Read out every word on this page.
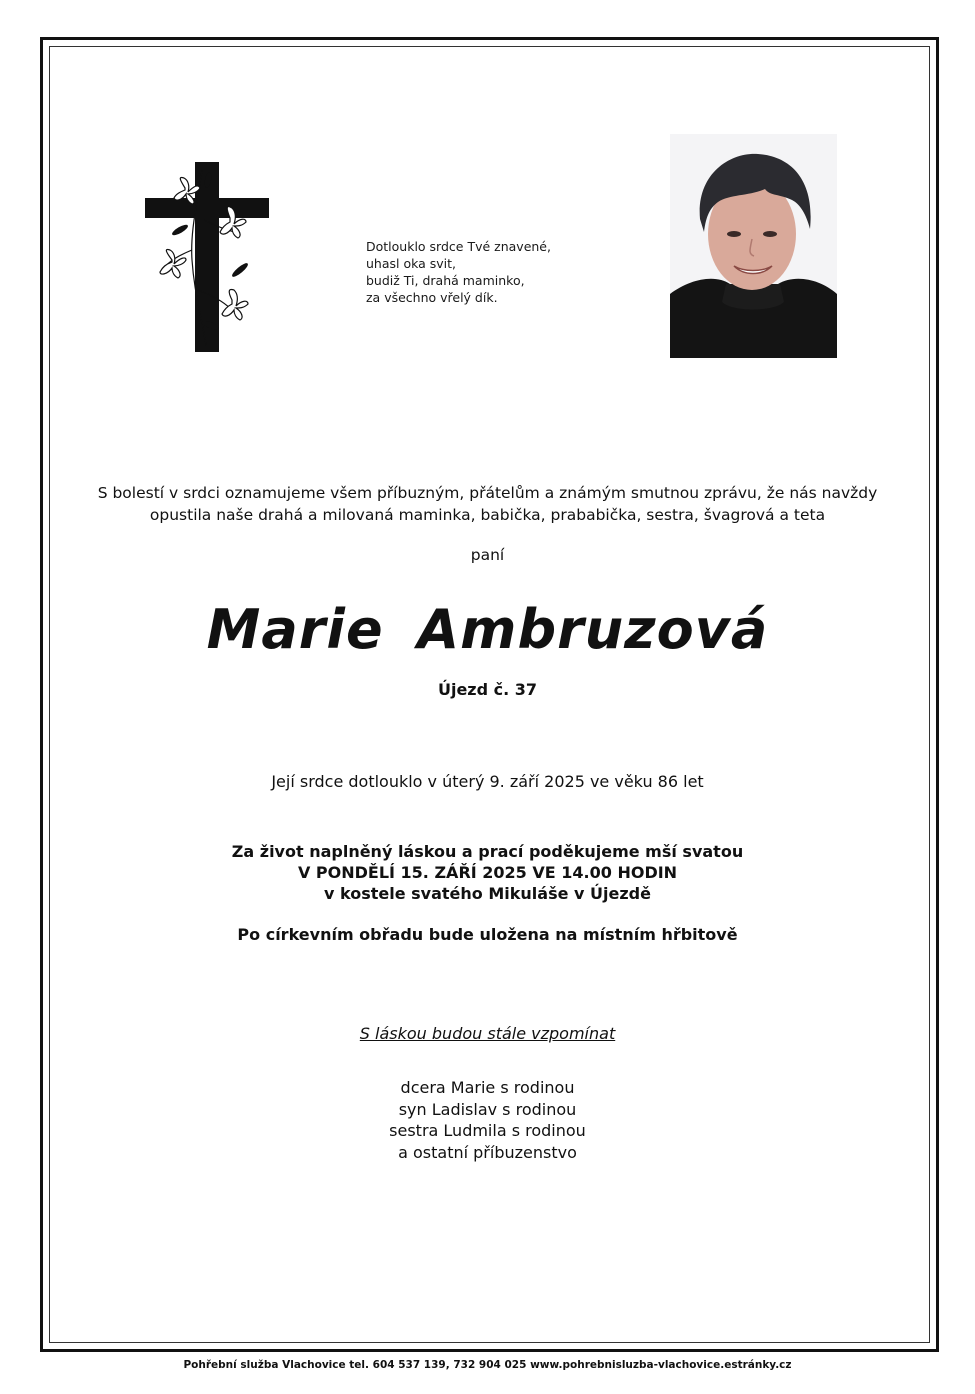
Dotlouklo srdce Tvé znavené,
uhasl oka svit,
budiž Ti, drahá maminko,
za všechno vřelý dík.
S bolestí v srdci oznamujeme všem příbuzným, přátelům a známým smutnou zprávu, že nás navždy
opustila naše drahá a milovaná maminka, babička, prababička, sestra, švagrová a teta
paní
Marie Ambruzová
Újezd č. 37
Její srdce dotlouklo v úterý 9. září 2025 ve věku 86 let
Za život naplněný láskou a prací poděkujeme mší svatou
V PONDĚLÍ 15. ZÁŘÍ 2025 VE 14.00 HODIN
v kostele svatého Mikuláše v Újezdě
Po církevním obřadu bude uložena na místním hřbitově
S láskou budou stále vzpomínat
dcera Marie s rodinou
syn Ladislav s rodinou
sestra Ludmila s rodinou
a ostatní příbuzenstvo
Pohřební služba Vlachovice tel. 604 537 139, 732 904 025 www.pohrebnisluzba-vlachovice.estránky.cz
